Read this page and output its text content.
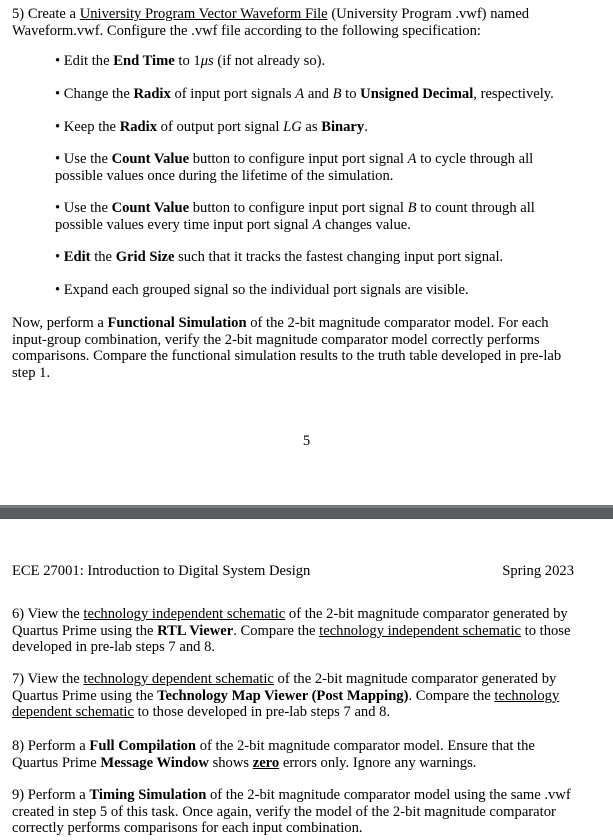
5) Create a University Program Vector Waveform File (University Program .vwf) named
Waveform.vwf. Configure the .vwf file according to the following specification:

• Edit the End Time to 1μs (if not already so).

• Change the Radix of input port signals A and B to Unsigned Decimal, respectively.

• Keep the Radix of output port signal LG as Binary.

• Use the Count Value button to configure input port signal A to cycle through all
possible values once during the lifetime of the simulation.

• Use the Count Value button to configure input port signal B to count through all
possible values every time input port signal A changes value.

• Edit the Grid Size such that it tracks the fastest changing input port signal.

• Expand each grouped signal so the individual port signals are visible.

Now, perform a Functional Simulation of the 2-bit magnitude comparator model. For each
input-group combination, verify the 2-bit magnitude comparator model correctly performs
comparisons. Compare the functional simulation results to the truth table developed in pre-lab
step 1.

5
ECE 27001: Introduction to Digital System Design	Spring 2023

6) View the technology independent schematic of the 2-bit magnitude comparator generated by
Quartus Prime using the RTL Viewer. Compare the technology independent schematic to those
developed in pre-lab steps 7 and 8.

7) View the technology dependent schematic of the 2-bit magnitude comparator generated by
Quartus Prime using the Technology Map Viewer (Post Mapping). Compare the technology
dependent schematic to those developed in pre-lab steps 7 and 8.

8) Perform a Full Compilation of the 2-bit magnitude comparator model. Ensure that the
Quartus Prime Message Window shows zero errors only. Ignore any warnings.

9) Perform a Timing Simulation of the 2-bit magnitude comparator model using the same .vwf
created in step 5 of this task. Once again, verify the model of the 2-bit magnitude comparator
correctly performs comparisons for each input combination.
